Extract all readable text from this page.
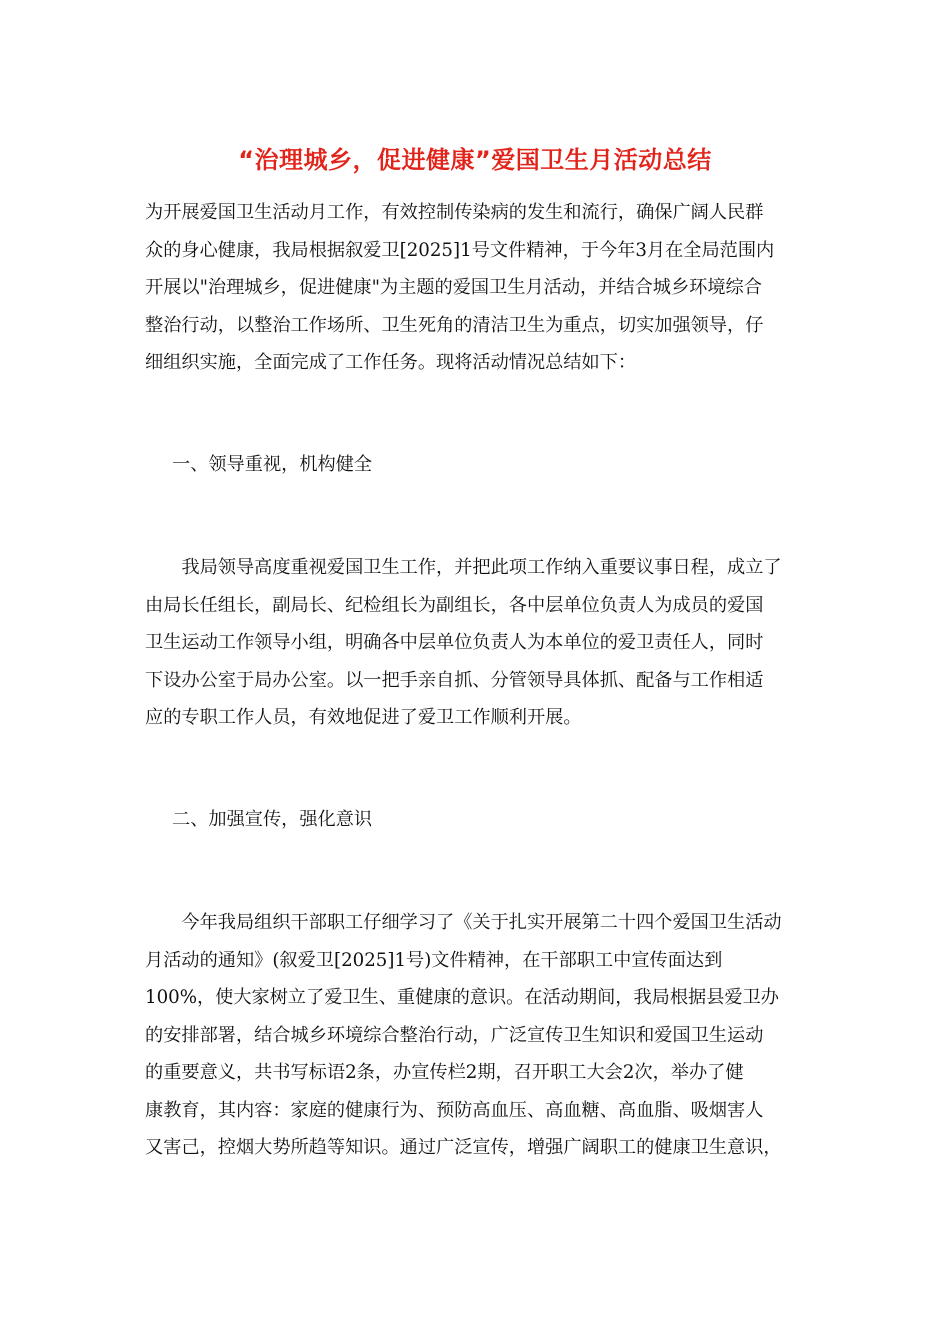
“治理城乡，促进健康”爱国卫生月活动总结
为开展爱国卫生活动月工作，有效控制传染病的发生和流行，确保广阔人民群
众的身心健康，我局根据叙爱卫[2025]1号文件精神，于今年3月在全局范围内
开展以"治理城乡，促进健康"为主题的爱国卫生月活动，并结合城乡环境综合
整治行动，以整治工作场所、卫生死角的清洁卫生为重点，切实加强领导，仔
细组织实施，全面完成了工作任务。现将活动情况总结如下：
一、领导重视，机构健全
　　我局领导高度重视爱国卫生工作，并把此项工作纳入重要议事日程，成立了
由局长任组长，副局长、纪检组长为副组长，各中层单位负责人为成员的爱国
卫生运动工作领导小组，明确各中层单位负责人为本单位的爱卫责任人，同时
下设办公室于局办公室。以一把手亲自抓、分管领导具体抓、配备与工作相适
应的专职工作人员，有效地促进了爱卫工作顺利开展。
二、加强宣传，强化意识
　　今年我局组织干部职工仔细学习了《关于扎实开展第二十四个爱国卫生活动
月活动的通知》(叙爱卫[2025]1号)文件精神，在干部职工中宣传面达到
100%，使大家树立了爱卫生、重健康的意识。在活动期间，我局根据县爱卫办
的安排部署，结合城乡环境综合整治行动，广泛宣传卫生知识和爱国卫生运动
的重要意义，共书写标语2条，办宣传栏2期，召开职工大会2次，举办了健
康教育，其内容：家庭的健康行为、预防高血压、高血糖、高血脂、吸烟害人
又害己，控烟大势所趋等知识。通过广泛宣传，增强广阔职工的健康卫生意识，
